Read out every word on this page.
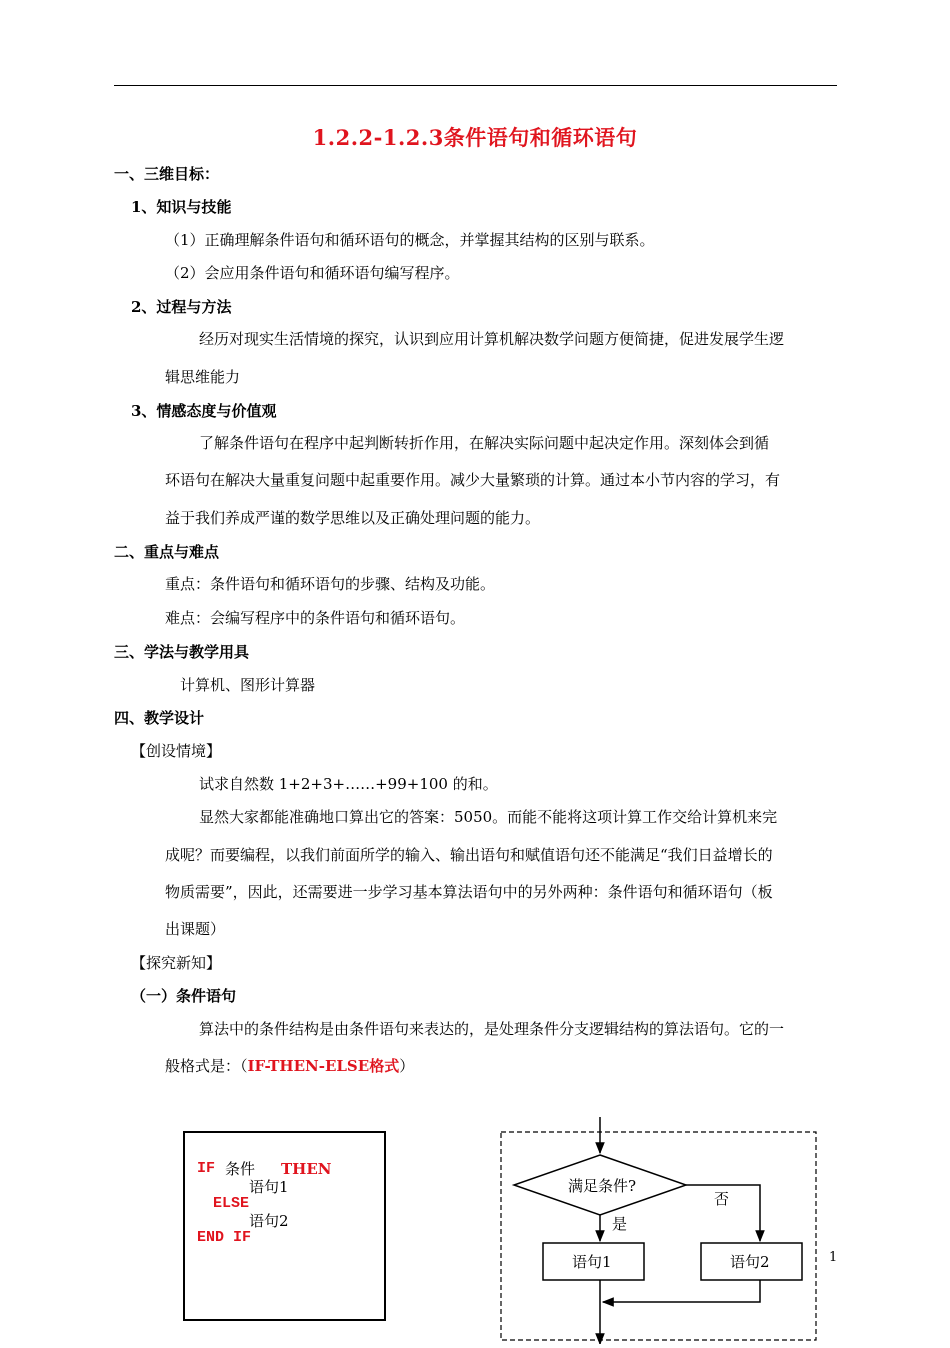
1.2.2-1.2.3条件语句和循环语句
一、三维目标：
1、知识与技能
（1）正确理解条件语句和循环语句的概念，并掌握其结构的区别与联系。
（2）会应用条件语句和循环语句编写程序。
2、过程与方法
经历对现实生活情境的探究，认识到应用计算机解决数学问题方便简捷，促进发展学生逻
辑思维能力
3、情感态度与价值观
了解条件语句在程序中起判断转折作用，在解决实际问题中起决定作用。深刻体会到循
环语句在解决大量重复问题中起重要作用。减少大量繁琐的计算。通过本小节内容的学习，有
益于我们养成严谨的数学思维以及正确处理问题的能力。
二、重点与难点
重点：条件语句和循环语句的步骤、结构及功能。
难点：会编写程序中的条件语句和循环语句。
三、学法与教学用具
计算机、图形计算器
四、教学设计
【创设情境】
试求自然数 1+2+3+……+99+100 的和。
显然大家都能准确地口算出它的答案：5050。而能不能将这项计算工作交给计算机来完
成呢？而要编程，以我们前面所学的输入、输出语句和赋值语句还不能满足“我们日益增长的
物质需要”，因此，还需要进一步学习基本算法语句中的另外两种：条件语句和循环语句（板
出课题）
【探究新知】
（一）条件语句
算法中的条件结构是由条件语句来表达的，是处理条件分支逻辑结构的算法语句。它的一
般格式是：（IF-THEN-ELSE格式）
IF 条件 THEN
语句1
ELSE
语句2
END IF
满足条件?
是
否
语句1	语句2	1
